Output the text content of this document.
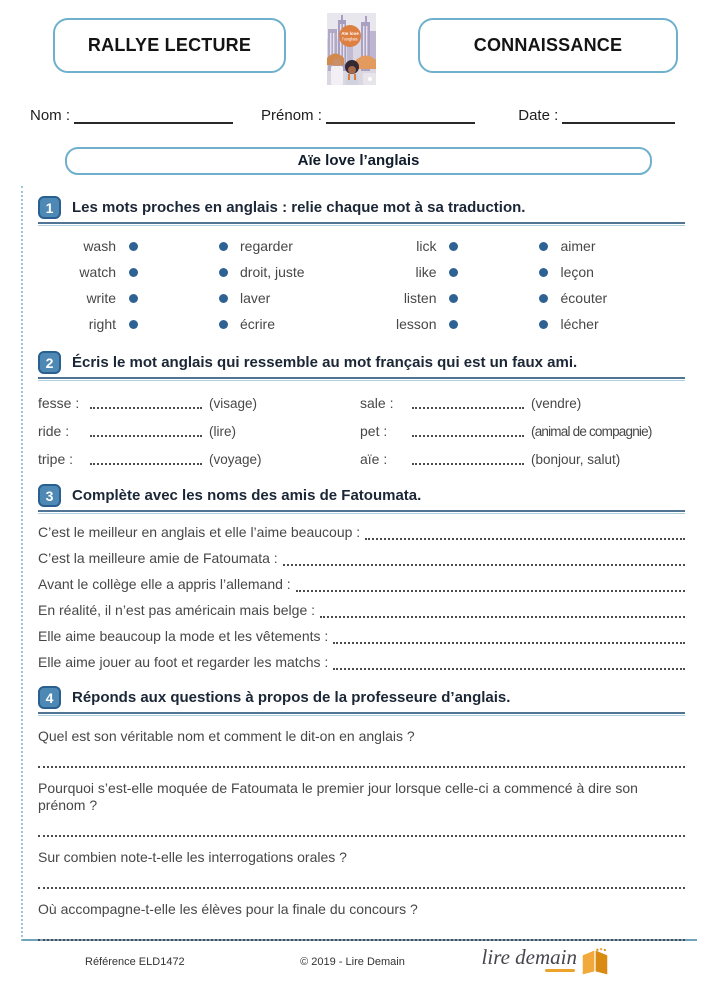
RALLYE LECTURE
Aïe love
l’anglais	CONNAISSANCE
Nom :	Prénom :	Date :
Aïe love l’anglais
1	Les mots proches en anglais : relie chaque mot à sa traduction.
wash	regarder
watch	droit, juste
write	laver
right	écrire
lick	aimer
like	leçon
listen	écouter
lesson	lécher
2	Écris le mot anglais qui ressemble au mot français qui est un faux ami.
fesse :	(visage)
ride :	(lire)
tripe :	(voyage)
sale :	(vendre)
pet :	(animal de compagnie)
aïe :	(bonjour, salut)
3	Complète avec les noms des amis de Fatoumata.
C’est le meilleur en anglais et elle l’aime beaucoup :
C’est la meilleure amie de Fatoumata :
Avant le collège elle a appris l’allemand :
En réalité, il n’est pas américain mais belge :
Elle aime beaucoup la mode et les vêtements :
Elle aime jouer au foot et regarder les matchs :
4	Réponds aux questions à propos de la professeure d’anglais.

Quel est son véritable nom et comment le dit-on en anglais ?

Pourquoi s’est-elle moquée de Fatoumata le premier jour lorsque celle-ci a commencé à dire son prénom ?

Sur combien note-t-elle les interrogations orales ?

Où accompagne-t-elle les élèves pour la finale du concours ?

Référence ELD1472	© 2019 - Lire Demain	lire demain
